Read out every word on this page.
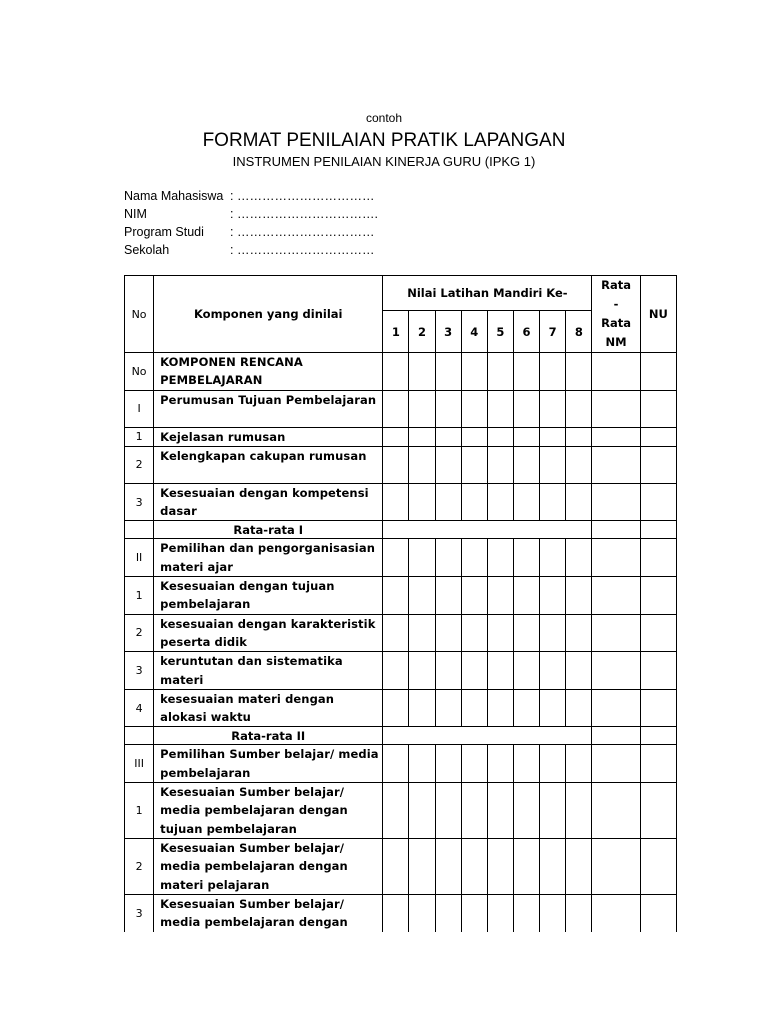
contoh
FORMAT PENILAIAN PRATIK LAPANGAN
INSTRUMEN PENILAIAN KINERJA GURU (IPKG 1)
Nama Mahasiswa : ……………………………
NIM	: …………………………….
Program Studi	: ……………………………
Sekolah	: ……………………………
No	Komponen yang dinilai	Nilai Latihan Mandiri Ke-								Rata
-
Rata
NM	NU
		1	2	3	4	5	6	7	8		
No	KOMPONEN RENCANA PEMBELAJARAN										
I	Perumusan Tujuan Pembelajaran										
1	Kejelasan rumusan										
2	Kelengkapan cakupan rumusan										
3	Kesesuaian dengan kompetensi dasar										
	Rata-rata I										
II	Pemilihan dan pengorganisasian materi ajar										
1	Kesesuaian dengan tujuan pembelajaran										
2	kesesuaian dengan karakteristik peserta didik										
3	keruntutan dan sistematika materi										
4	kesesuaian materi dengan alokasi waktu										
	Rata-rata II										
III	Pemilihan Sumber belajar/ media pembelajaran										
1	Kesesuaian Sumber belajar/ media pembelajaran dengan tujuan pembelajaran										
2	Kesesuaian Sumber belajar/ media pembelajaran dengan materi pelajaran										
3	Kesesuaian Sumber belajar/ media pembelajaran dengan										
